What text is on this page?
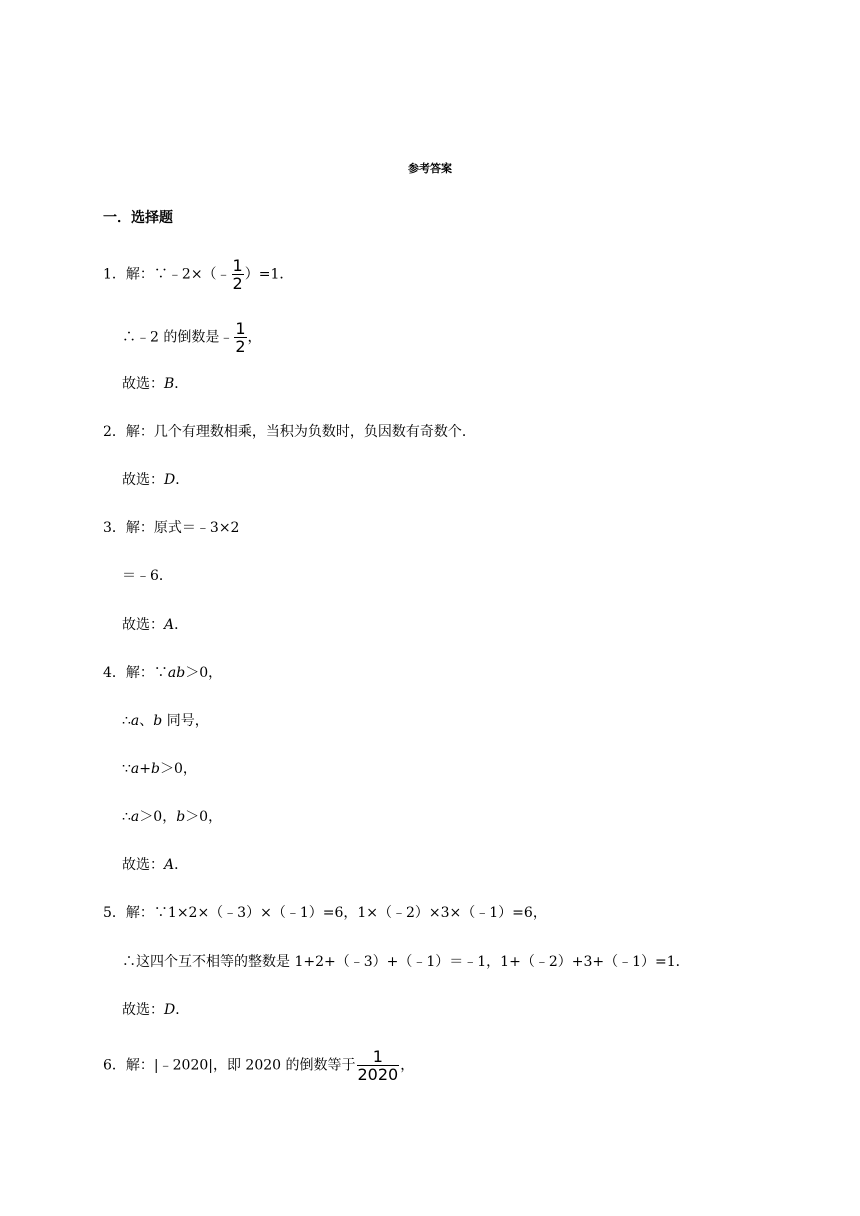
参考答案
一．选择题
1．解：∵﹣2×（﹣ $\frac{1}{2} )=1$．
∴﹣2 的倒数是﹣ $\frac{1}{2}$ ，
故选：B．
2．解：几个有理数相乘，当积为负数时，负因数有奇数个．
故选：D．
3．解：原式＝﹣3×2
＝﹣6．
故选：A．
4．解：∵ab＞0，
∴a、b 同号，
∵a+b＞0，
∴a＞0，b＞0，
故选：A．
5．解：∵1×2×（﹣3）×（﹣1）=6，1×（﹣2）×3×（﹣1）=6，
∴这四个互不相等的整数是 1+2+（﹣3）+（﹣1）＝﹣1，1+（﹣2）+3+（﹣1）=1．
故选：D．
6．解：|﹣2020|，即 2020 的倒数等于 $\frac{1}{2020}$ ，
